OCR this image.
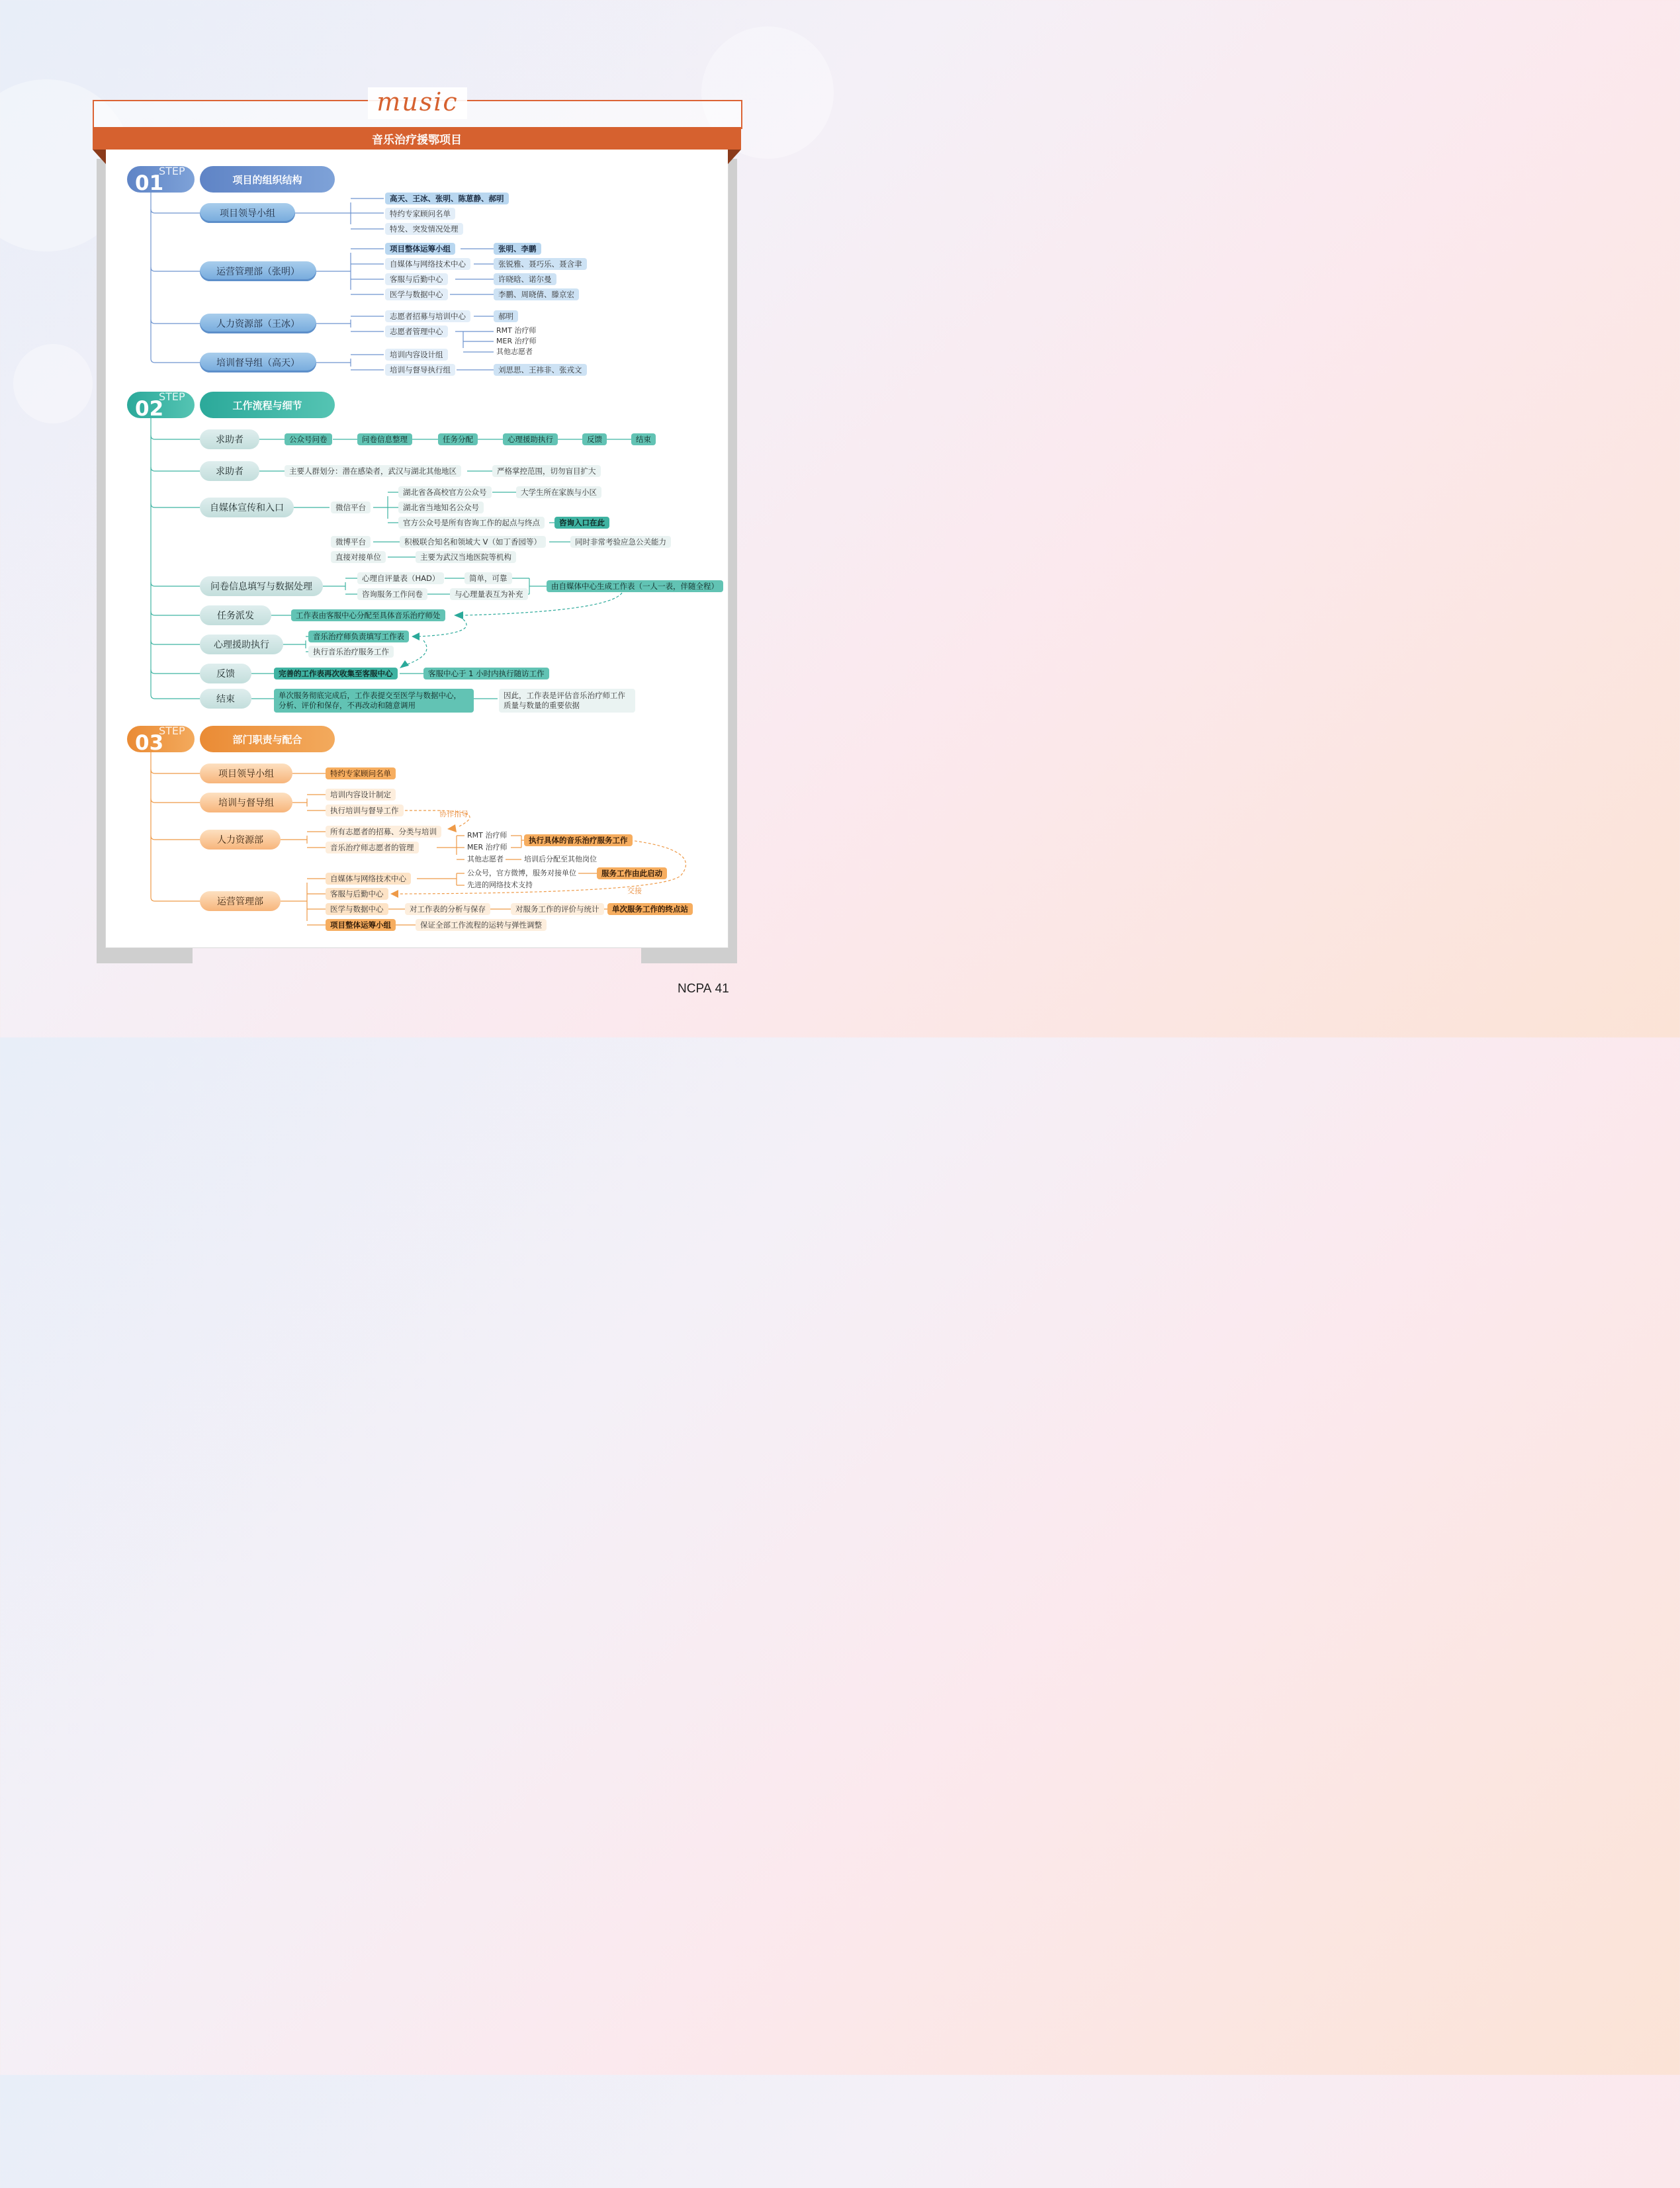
music
音乐治疗援鄂项目
01
STEP
项目的组织结构
项目领导小组
高天、王冰、张明、陈葸静、郝明
特约专家顾问名单
特发、突发情况处理
运营管理部（张明）
项目整体运筹小组	张明、李鹏
自媒体与网络技术中心	张锐雅、聂巧乐、聂含聿
客服与后勤中心	许晓晗、诺尔曼
医学与数据中心	李鹏、周晓倩、滕京宏
人力资源部（王冰）
志愿者招募与培训中心	郝明
志愿者管理中心	RMT 治疗师
MER 治疗师
其他志愿者
培训督导组（高天）
培训内容设计组
培训与督导执行组	刘思思、王祎非、张戎文
02
STEP
工作流程与细节
求助者	公众号问卷	问卷信息整理	任务分配	心理援助执行	反馈	结束
求助者	主要人群划分：潜在感染者，武汉与湖北其他地区	严格掌控范围，切勿盲目扩大
自媒体宣传和入口	微信平台
湖北省各高校官方公众号	大学生所在家族与小区
湖北省当地知名公众号
官方公众号是所有咨询工作的起点与终点	咨询入口在此
微博平台	积极联合知名和领域大 V（如丁香园等）	同时非常考验应急公关能力
直接对接单位	主要为武汉当地医院等机构
问卷信息填写与数据处理
心理自评量表（HAD）	简单，可靠
咨询服务工作问卷	与心理量表互为补充
由自媒体中心生成工作表（一人一表，伴随全程）
任务派发	工作表由客服中心分配至具体音乐治疗师处
心理援助执行
音乐治疗师负责填写工作表
执行音乐治疗服务工作
反馈	完善的工作表再次收集至客服中心	客服中心于 1 小时内执行随访工作
结束	单次服务彻底完成后，工作表提交至医学与数据中心，
分析、评价和保存，不再改动和随意调用
因此，工作表是评估音乐治疗师工作
质量与数量的重要依据
03
STEP
部门职责与配合
项目领导小组	特约专家顾问名单
培训与督导组
培训内容设计制定
执行培训与督导工作	协作指导
人力资源部
所有志愿者的招募、分类与培训
音乐治疗师志愿者的管理
RMT 治疗师
MER 治疗师
其他志愿者
执行具体的音乐治疗服务工作
培训后分配至其他岗位
运营管理部
自媒体与网络技术中心
公众号，官方微博，服务对接单位	服务工作由此启动
先进的网络技术支持
客服与后勤中心	交接
医学与数据中心	对工作表的分析与保存	对服务工作的评价与统计	单次服务工作的终点站
项目整体运筹小组	保证全部工作流程的运转与弹性调整
NCPA 41
